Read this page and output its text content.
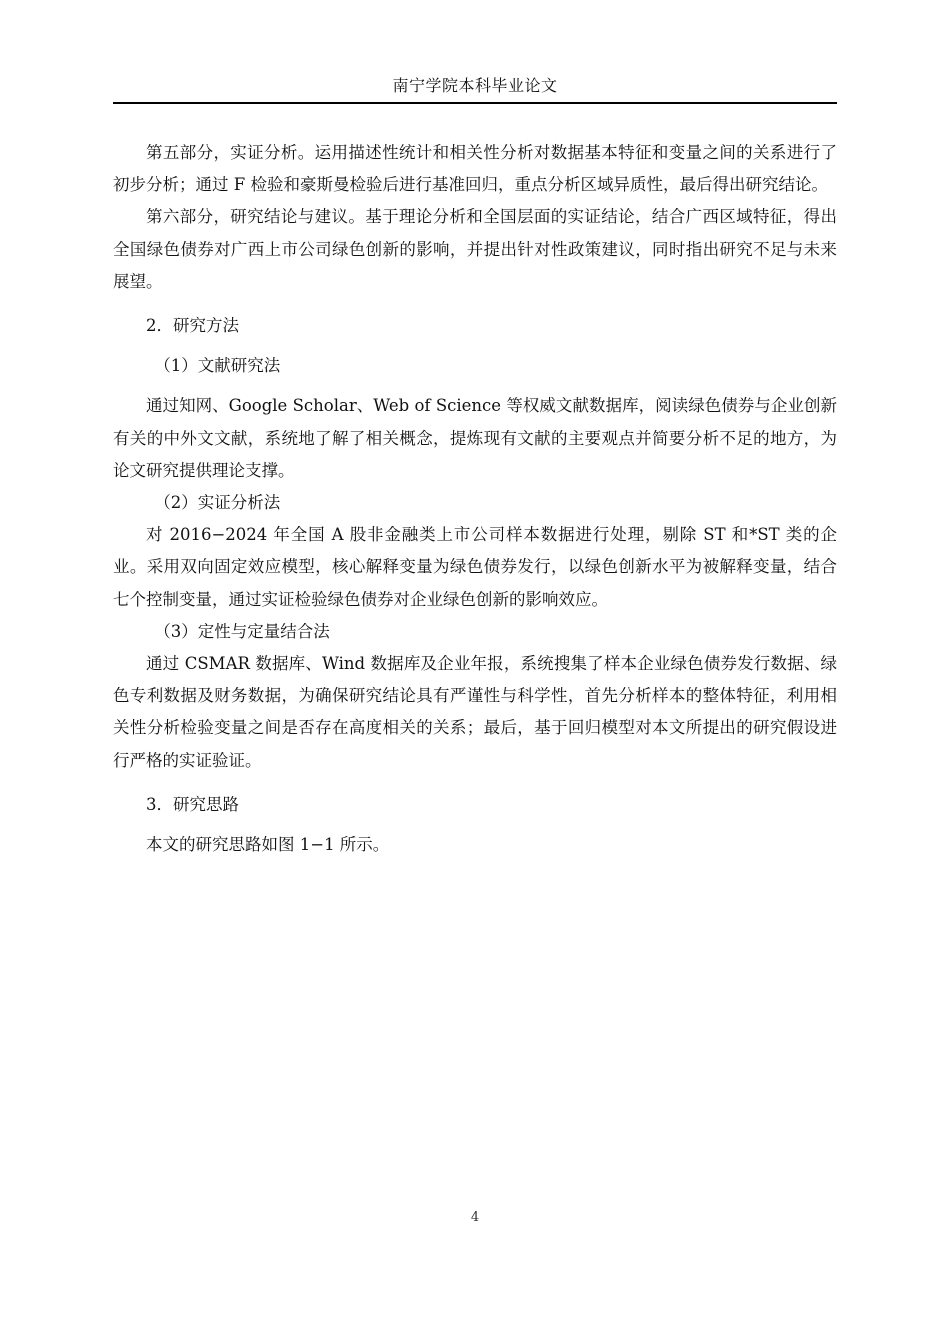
南宁学院本科毕业论文

第五部分，实证分析。运用描述性统计和相关性分析对数据基本特征和变量之间的关系进行了初步分析；通过 F 检验和豪斯曼检验后进行基准回归，重点分析区域异质性，最后得出研究结论。

第六部分，研究结论与建议。基于理论分析和全国层面的实证结论，结合广西区域特征，得出全国绿色债券对广西上市公司绿色创新的影响，并提出针对性政策建议，同时指出研究不足与未来展望。

2．研究方法

（1）文献研究法

通过知网、Google Scholar、Web of Science 等权威文献数据库，阅读绿色债券与企业创新有关的中外文文献，系统地了解了相关概念，提炼现有文献的主要观点并简要分析不足的地方，为论文研究提供理论支撑。

（2）实证分析法

对 2016−2024 年全国 A 股非金融类上市公司样本数据进行处理，剔除 ST 和*ST 类的企业。采用双向固定效应模型，核心解释变量为绿色债券发行，以绿色创新水平为被解释变量，结合七个控制变量，通过实证检验绿色债券对企业绿色创新的影响效应。

（3）定性与定量结合法

通过 CSMAR 数据库、Wind 数据库及企业年报，系统搜集了样本企业绿色债券发行数据、绿色专利数据及财务数据，为确保研究结论具有严谨性与科学性，首先分析样本的整体特征，利用相关性分析检验变量之间是否存在高度相关的关系；最后，基于回归模型对本文所提出的研究假设进行严格的实证验证。

3．研究思路

本文的研究思路如图 1−1 所示。

4
